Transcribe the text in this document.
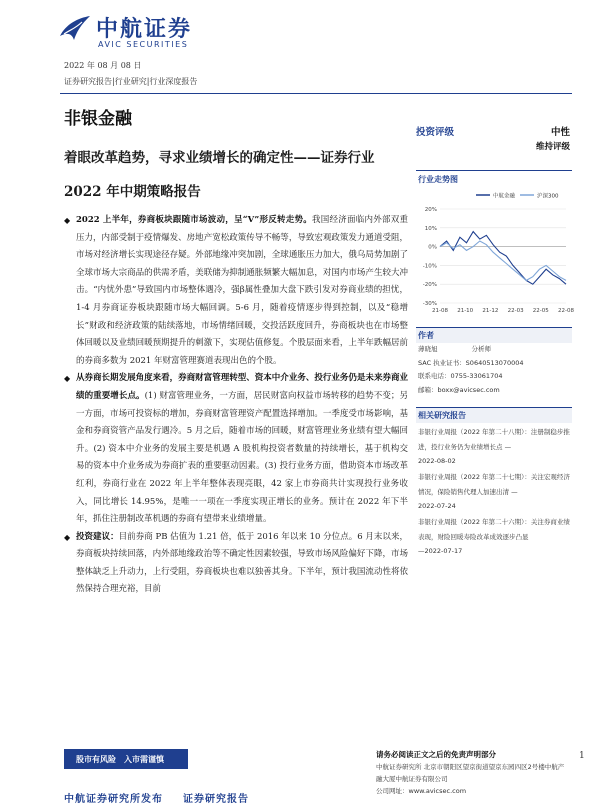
中航证券
AVIC SECURITIES
2022 年 08 月 08 日
证券研究报告|行业研究|行业深度报告
非银金融
着眼改革趋势，寻求业绩增长的确定性——证券行业
2022 年中期策略报告
◆ 2022 上半年，券商板块跟随市场波动，呈“V”形反转走势。我国经济面临内外部双重压力，内部受制于疫情爆发、房地产宽松政策传导不畅等，导致宏观政策发力通道受阻，市场对经济增长实现途径存疑。外部地缘冲突加剧，全球通胀压力加大，俄乌局势加剧了全球市场大宗商品的供需矛盾，美联储为抑制通胀频繁大幅加息，对国内市场产生较大冲击。“内忧外患”导致国内市场整体遇冷，强β属性叠加大盘下跌引发对券商业绩的担忧，1-4 月券商证券板块跟随市场大幅回调。5-6 月，随着疫情逐步得到控制，以及“稳增长”财政和经济政策的陆续落地，市场情绪回暖，交投活跃度回升，券商板块也在市场整体回暖以及业绩回暖预期提升的刺激下，实现估值修复。个股层面来看，上半年跌幅居前的券商多数为 2021 年财富管理赛道表现出色的个股。
◆ 从券商长期发展角度来看，券商财富管理转型、资本中介业务、投行业务仍是未来券商业绩的重要增长点。(1) 财富管理业务，一方面，居民财富向权益市场转移的趋势不变；另一方面，市场可投资标的增加，券商财富管理资产配置选择增加。一季度受市场影响，基金和券商资管产品发行遇冷。5 月之后，随着市场的回暖，财富管理业务业绩有望大幅回升。(2) 资本中介业务的发展主要是机遇 A 股机构投资者数量的持续增长，基于机构交易的资本中介业务成为券商扩表的重要驱动因素。(3) 投行业务方面，借助资本市场改革红利，券商行业在 2022 年上半年整体表现亮眼，42 家上市券商共计实现投行业务收入，同比增长 14.95%，是唯一一项在一季度实现正增长的业务。预计在 2022 年下半年，抓住注册制改革机遇的券商有望带来业绩增量。
◆ 投资建议：目前券商 PB 估值为 1.21 倍，低于 2016 年以来 10 分位点。6 月末以来，券商板块持续回落，内外部地缘政治等不确定性因素较强，导致市场风险偏好下降，市场整体缺乏上升动力，上行受阻，券商板块也难以独善其身。下半年，预计我国流动性将依然保持合理充裕，目前
投资评级	中性
维持评级
行业走势图
中航金融	沪深300
20%
10%
0%
-10%
-20%
-30%
21-08 21-10 21-12 22-03 22-05 22-08
作者
薄晓旭	分析师
SAC 执业证书：S0640513070004
联系电话：0755-33061704
邮箱：boxx@avicsec.com
相关研究报告
非银行业周报（2022 年第二十八期）：注册制稳步推进，投行业务仍为业绩增长点 —
2022-08-02
非银行业周报（2022 年第二十七期）：关注宏观经济情况，保险销售代理人加速出清 —
2022-07-24
非银行业周报（2022 年第二十六期）：关注券商业绩表现，财险回暖寿险改革成效逐步凸显
—2022-07-17
股市有风险 入市需谨慎
请务必阅读正文之后的免责声明部分
中航证券研究所 北京市朝阳区望京街道望京东园四区2号楼中航产融大厦中航证券有限公司
公司网址：www.avicsec.com
1
中航证券研究所发布 证券研究报告
